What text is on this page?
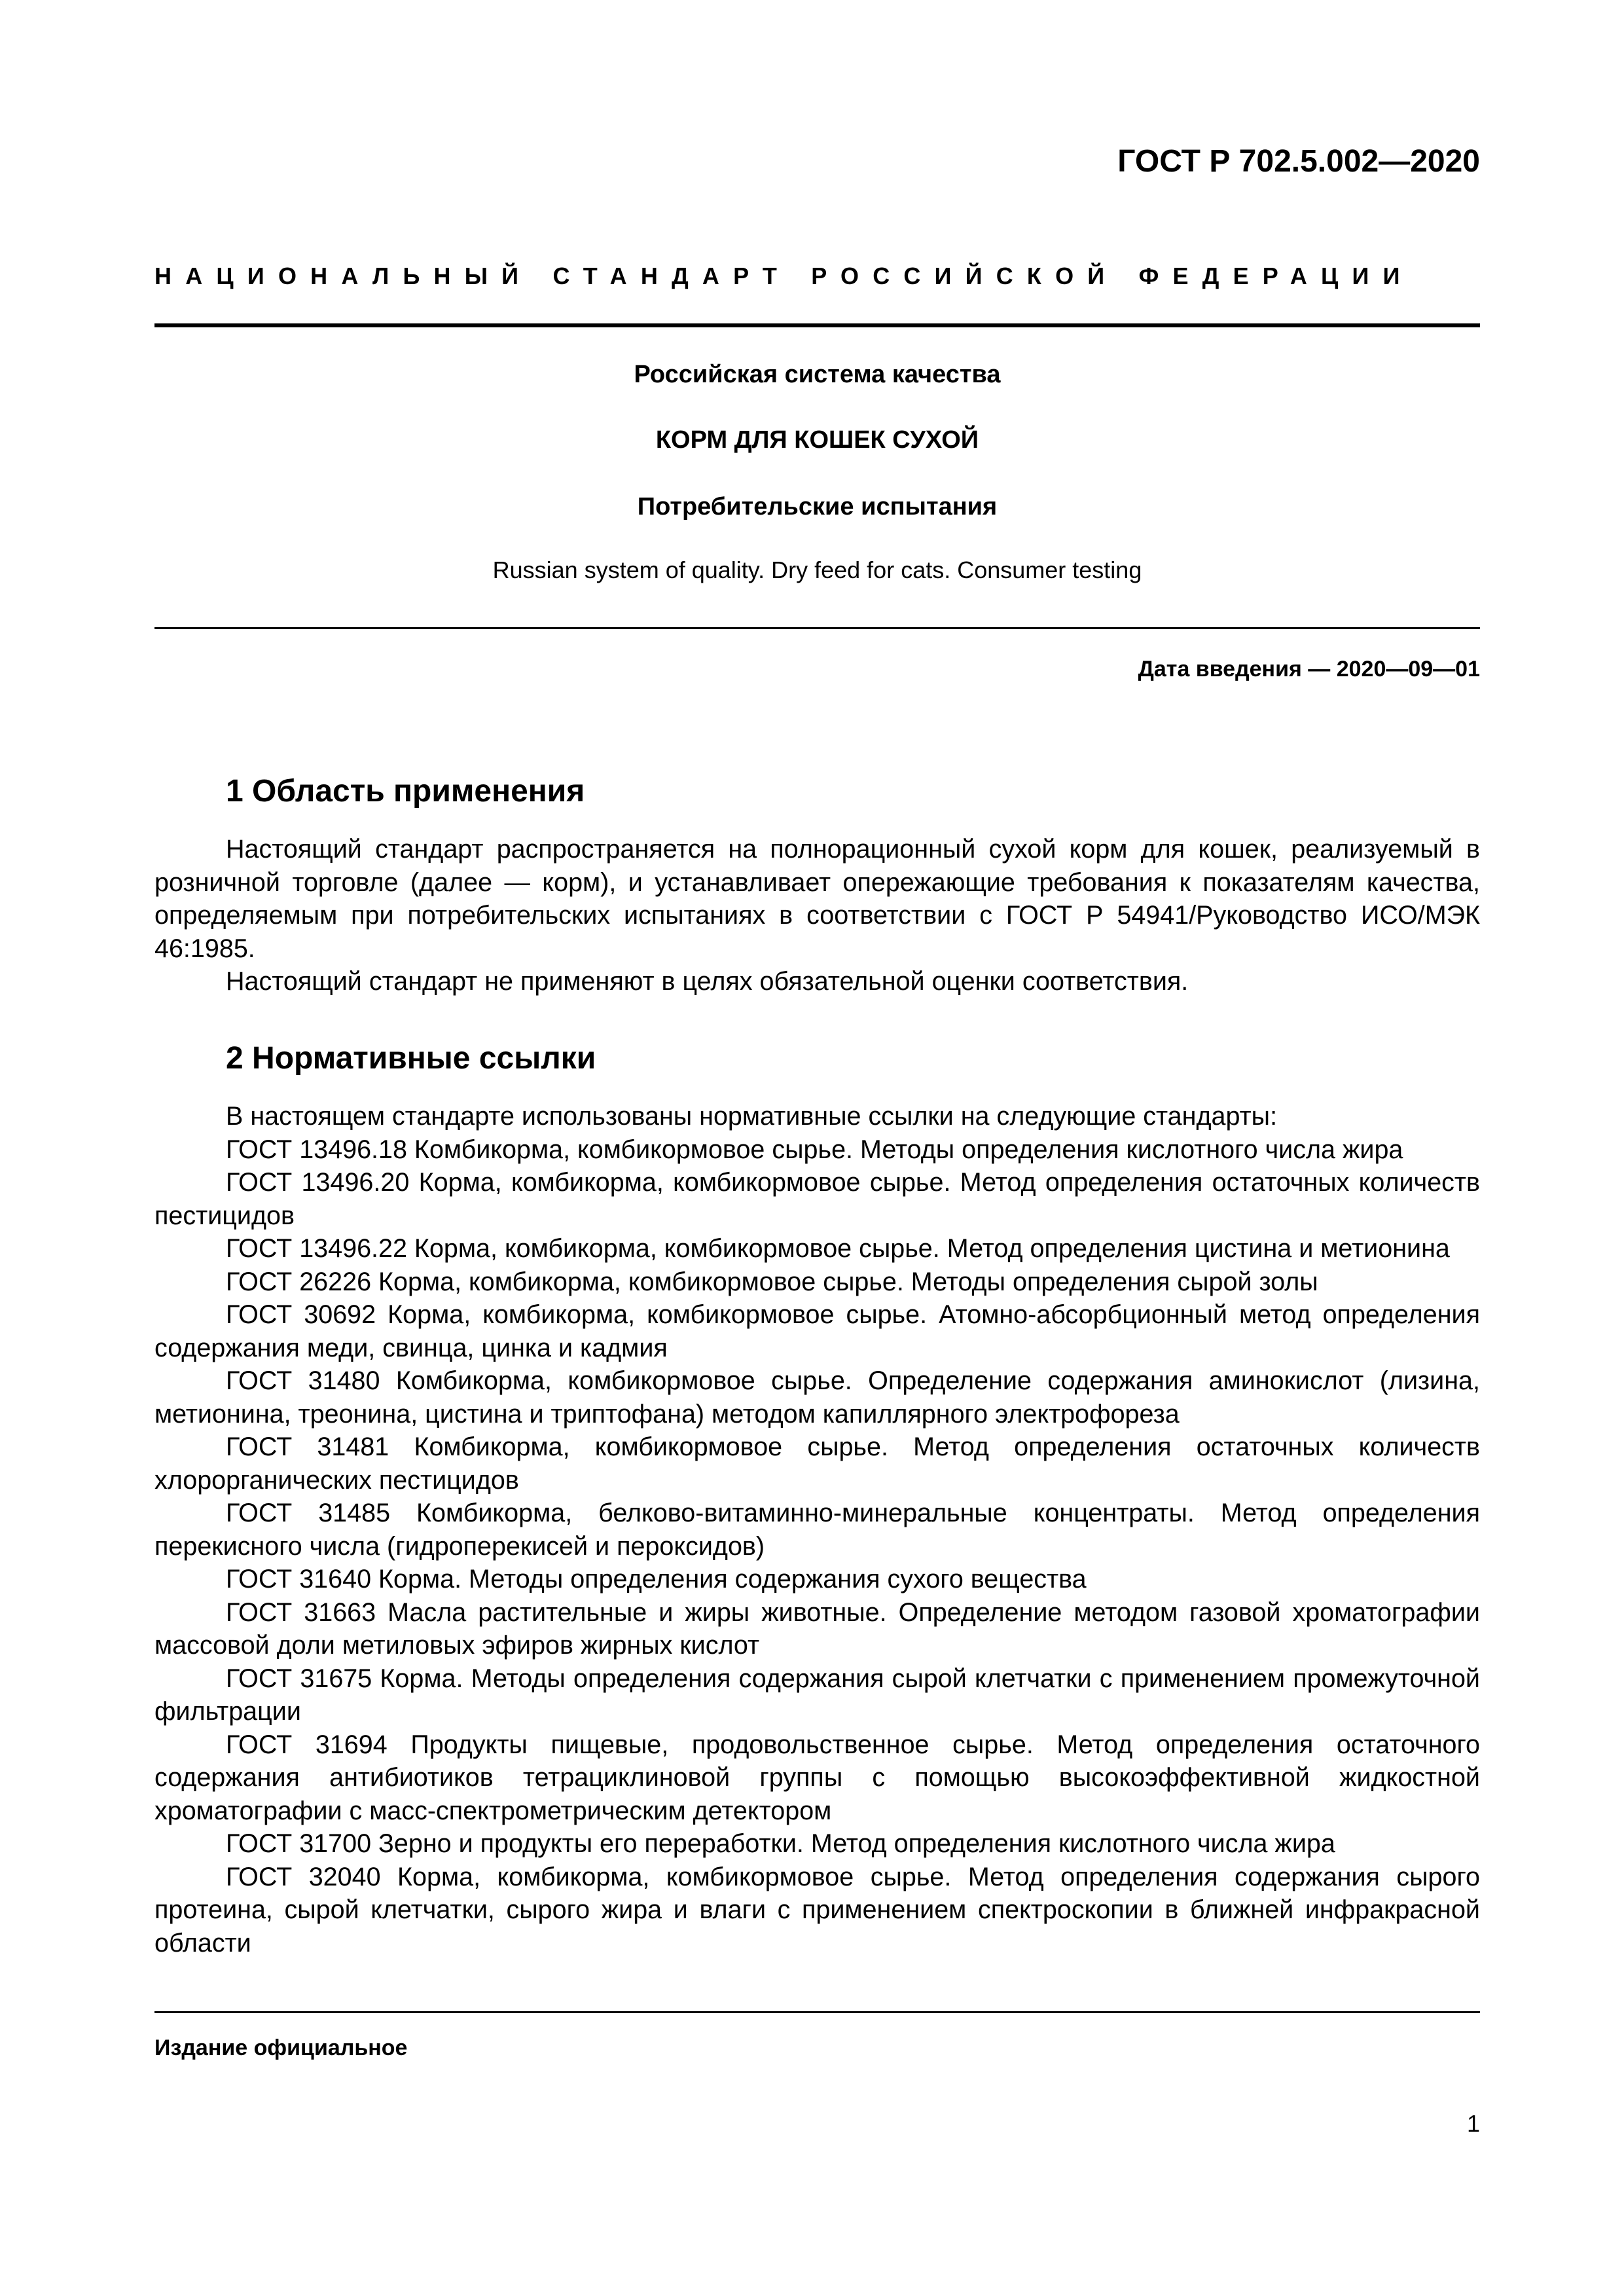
ГОСТ Р 702.5.002—2020
НАЦИОНАЛЬНЫЙ СТАНДАРТ РОССИЙСКОЙ ФЕДЕРАЦИИ
Российская система качества
КОРМ ДЛЯ КОШЕК СУХОЙ
Потребительские испытания
Russian system of quality. Dry feed for cats. Consumer testing
Дата введения — 2020—09—01
1 Область применения

Настоящий стандарт распространяется на полнорационный сухой корм для кошек, реализуемый в розничной торговле (далее — корм), и устанавливает опережающие требования к показателям качества, определяемым при потребительских испытаниях в соответствии с ГОСТ Р 54941/Руководство ИСО/МЭК 46:1985.

Настоящий стандарт не применяют в целях обязательной оценки соответствия.

2 Нормативные ссылки

В настоящем стандарте использованы нормативные ссылки на следующие стандарты:

ГОСТ 13496.18 Комбикорма, комбикормовое сырье. Методы определения кислотного числа жира

ГОСТ 13496.20 Корма, комбикорма, комбикормовое сырье. Метод определения остаточных количеств пестицидов

ГОСТ 13496.22 Корма, комбикорма, комбикормовое сырье. Метод определения цистина и метионина

ГОСТ 26226 Корма, комбикорма, комбикормовое сырье. Методы определения сырой золы

ГОСТ 30692 Корма, комбикорма, комбикормовое сырье. Атомно-абсорбционный метод определения содержания меди, свинца, цинка и кадмия

ГОСТ 31480 Комбикорма, комбикормовое сырье. Определение содержания аминокислот (лизина, метионина, треонина, цистина и триптофана) методом капиллярного электрофореза

ГОСТ 31481 Комбикорма, комбикормовое сырье. Метод определения остаточных количеств хлорорганических пестицидов

ГОСТ 31485 Комбикорма, белково-витаминно-минеральные концентраты. Метод определения перекисного числа (гидроперекисей и пероксидов)

ГОСТ 31640 Корма. Методы определения содержания сухого вещества

ГОСТ 31663 Масла растительные и жиры животные. Определение методом газовой хроматографии массовой доли метиловых эфиров жирных кислот

ГОСТ 31675 Корма. Методы определения содержания сырой клетчатки с применением промежуточной фильтрации

ГОСТ 31694 Продукты пищевые, продовольственное сырье. Метод определения остаточного содержания антибиотиков тетрациклиновой группы с помощью высокоэффективной жидкостной хроматографии с масс-спектрометрическим детектором

ГОСТ 31700 Зерно и продукты его переработки. Метод определения кислотного числа жира

ГОСТ 32040 Корма, комбикорма, комбикормовое сырье. Метод определения содержания сырого протеина, сырой клетчатки, сырого жира и влаги с применением спектроскопии в ближней инфракрасной области

Издание официальное
1
